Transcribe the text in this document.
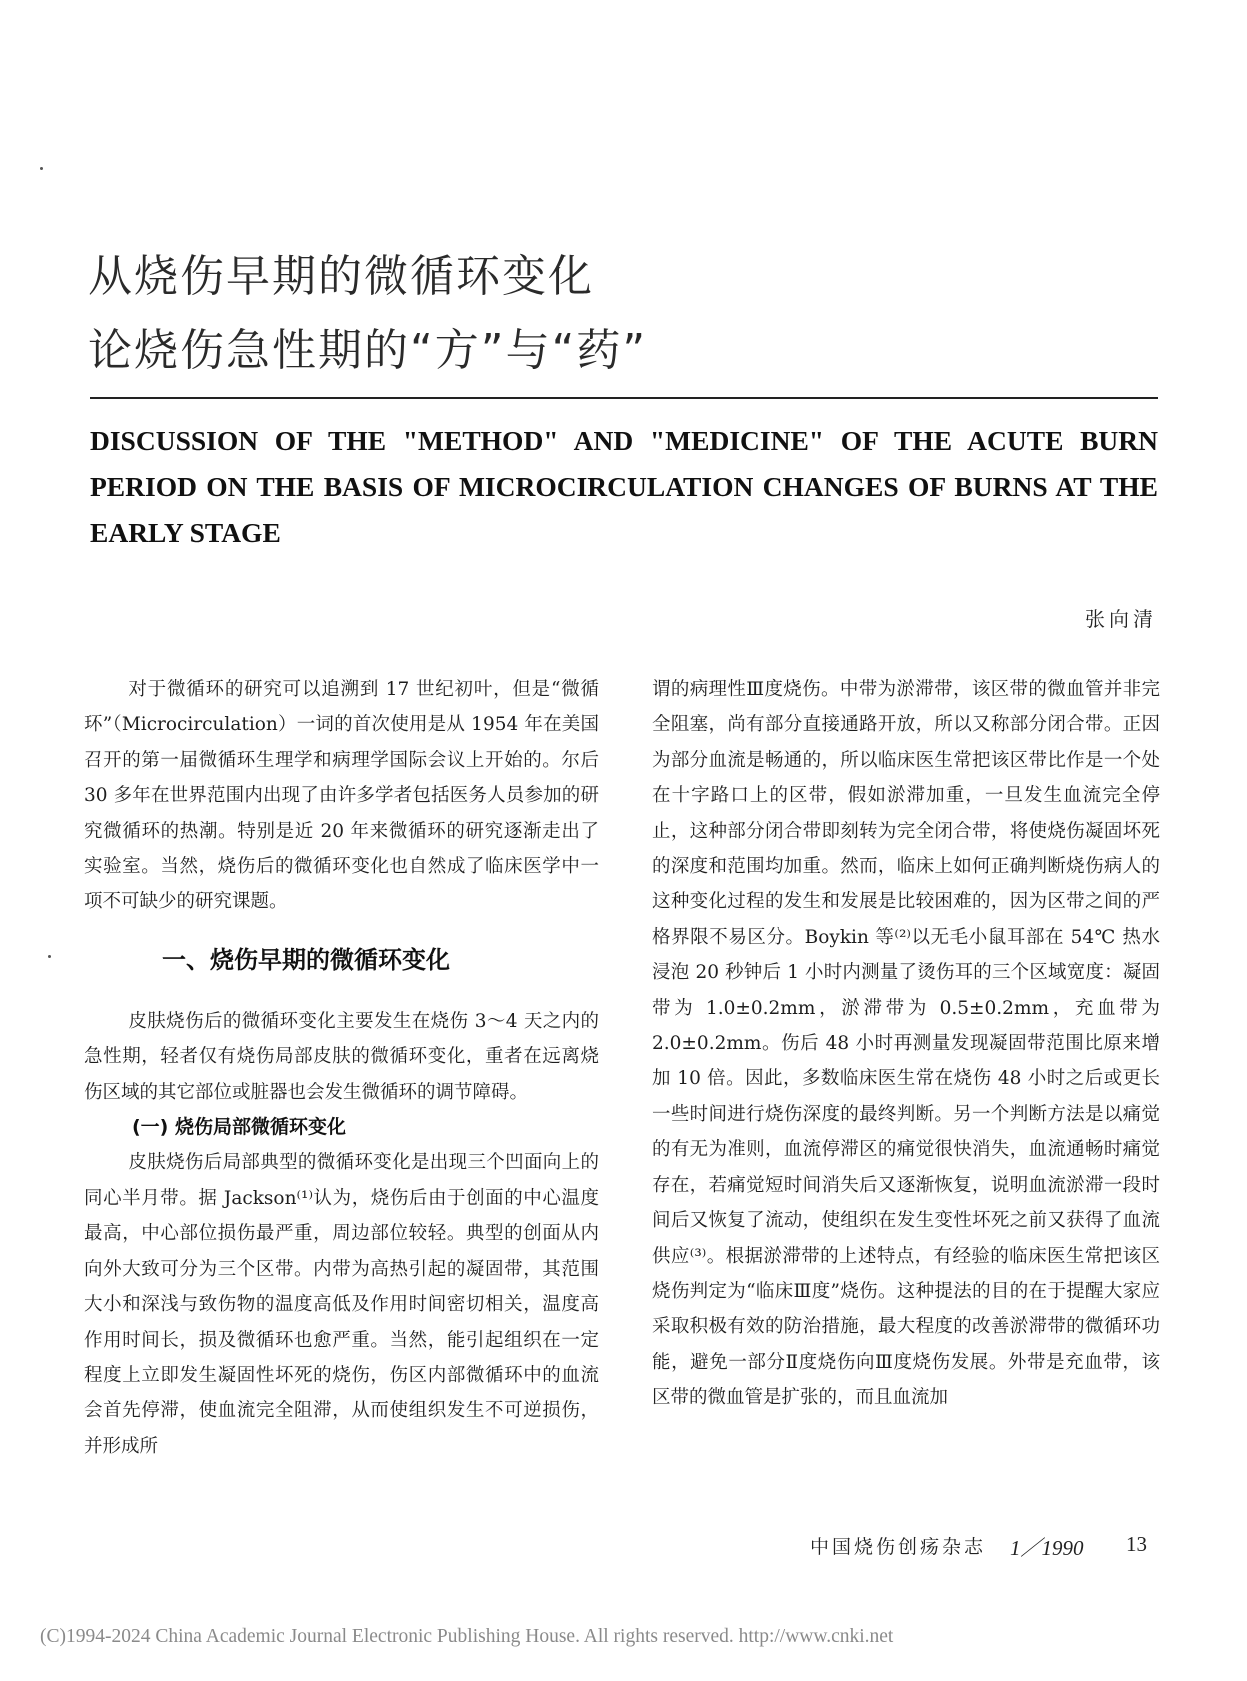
从烧伤早期的微循环变化
论烧伤急性期的“方”与“药”
DISCUSSION OF THE "METHOD" AND "MEDICINE" OF THE ACUTE BURN PERIOD ON THE BASIS OF MICROCIRCULATION CHANGES OF BURNS AT THE EARLY STAGE
张向清

对于微循环的研究可以追溯到 17 世纪初叶，但是“微循环”（Microcirculation）一词的首次使用是从 1954 年在美国召开的第一届微循环生理学和病理学国际会议上开始的。尔后 30 多年在世界范围内出现了由许多学者包括医务人员参加的研究微循环的热潮。特别是近 20 年来微循环的研究逐渐走出了实验室。当然，烧伤后的微循环变化也自然成了临床医学中一项不可缺少的研究课题。

一、烧伤早期的微循环变化

皮肤烧伤后的微循环变化主要发生在烧伤 3～4 天之内的急性期，轻者仅有烧伤局部皮肤的微循环变化，重者在远离烧伤区域的其它部位或脏器也会发生微循环的调节障碍。

(一) 烧伤局部微循环变化

皮肤烧伤后局部典型的微循环变化是出现三个凹面向上的同心半月带。据 Jackson⁽¹⁾认为，烧伤后由于创面的中心温度最高，中心部位损伤最严重，周边部位较轻。典型的创面从内向外大致可分为三个区带。内带为高热引起的凝固带，其范围大小和深浅与致伤物的温度高低及作用时间密切相关，温度高作用时间长，损及微循环也愈严重。当然，能引起组织在一定程度上立即发生凝固性坏死的烧伤，伤区内部微循环中的血流会首先停滞，使血流完全阻滞，从而使组织发生不可逆损伤，并形成所

谓的病理性Ⅲ度烧伤。中带为淤滞带，该区带的微血管并非完全阻塞，尚有部分直接通路开放，所以又称部分闭合带。正因为部分血流是畅通的，所以临床医生常把该区带比作是一个处在十字路口上的区带，假如淤滞加重，一旦发生血流完全停止，这种部分闭合带即刻转为完全闭合带，将使烧伤凝固坏死的深度和范围均加重。然而，临床上如何正确判断烧伤病人的这种变化过程的发生和发展是比较困难的，因为区带之间的严格界限不易区分。Boykin 等⁽²⁾以无毛小鼠耳部在 54℃ 热水浸泡 20 秒钟后 1 小时内测量了烫伤耳的三个区域宽度：凝固带为 1.0±0.2mm，淤滞带为 0.5±0.2mm，充血带为 2.0±0.2mm。伤后 48 小时再测量发现凝固带范围比原来增加 10 倍。因此，多数临床医生常在烧伤 48 小时之后或更长一些时间进行烧伤深度的最终判断。另一个判断方法是以痛觉的有无为准则，血流停滞区的痛觉很快消失，血流通畅时痛觉存在，若痛觉短时间消失后又逐渐恢复，说明血流淤滞一段时间后又恢复了流动，使组织在发生变性坏死之前又获得了血流供应⁽³⁾。根据淤滞带的上述特点，有经验的临床医生常把该区烧伤判定为“临床Ⅲ度”烧伤。这种提法的目的在于提醒大家应采取积极有效的防治措施，最大程度的改善淤滞带的微循环功能，避免一部分Ⅱ度烧伤向Ⅲ度烧伤发展。外带是充血带，该区带的微血管是扩张的，而且血流加

中国烧伤创疡杂志 1／1990 13
(C)1994-2024 China Academic Journal Electronic Publishing House. All rights reserved. http://www.cnki.net
